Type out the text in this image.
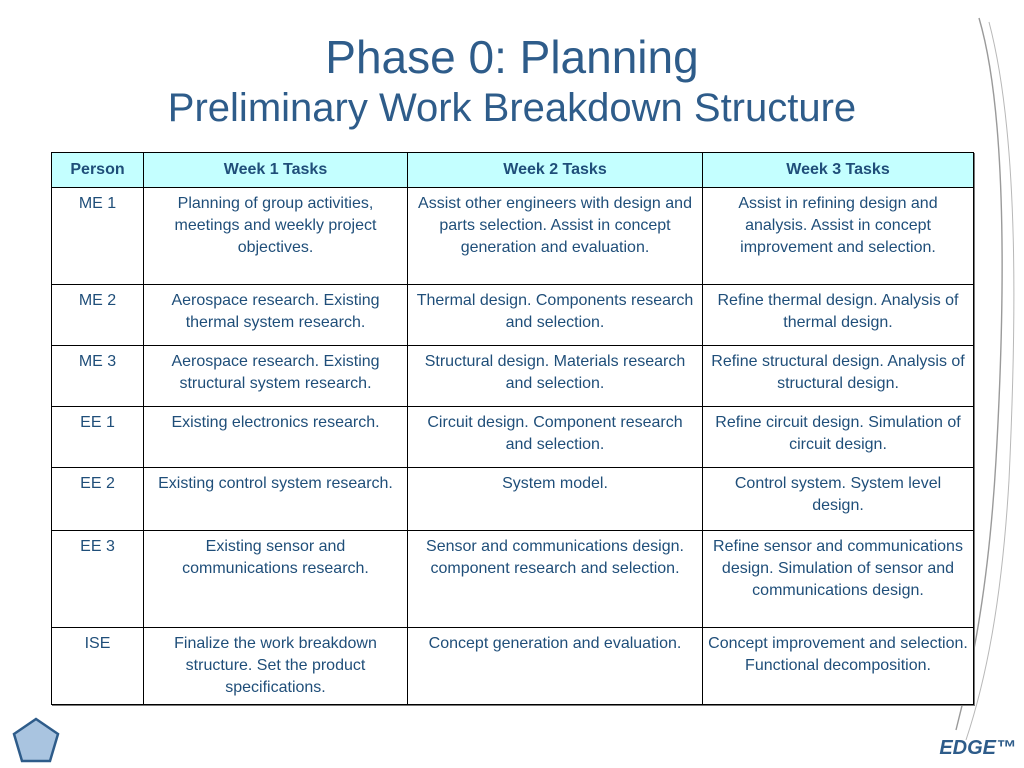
Phase 0: Planning
Preliminary Work Breakdown Structure
Person	Week 1 Tasks	Week 2 Tasks	Week 3 Tasks
ME 1	Planning of group activities, meetings and weekly project objectives.	Assist other engineers with design and parts selection. Assist in concept generation and evaluation.	Assist in refining design and analysis. Assist in concept improvement and selection.
ME 2	Aerospace research. Existing thermal system research.	Thermal design. Components research and selection.	Refine thermal design. Analysis of thermal design.
ME 3	Aerospace research. Existing structural system research.	Structural design. Materials research and selection.	Refine structural design. Analysis of structural design.
EE 1	Existing electronics research.	Circuit design. Component research and selection.	Refine circuit design. Simulation of circuit design.
EE 2	Existing control system research.	System model.	Control system. System level design.
EE 3	Existing sensor and communications research.	Sensor and communications design. component research and selection.	Refine sensor and communications design. Simulation of sensor and communications design.
ISE	Finalize the work breakdown structure. Set the product specifications.	Concept generation and evaluation.	Concept improvement and selection. Functional decomposition.
EDGE™
